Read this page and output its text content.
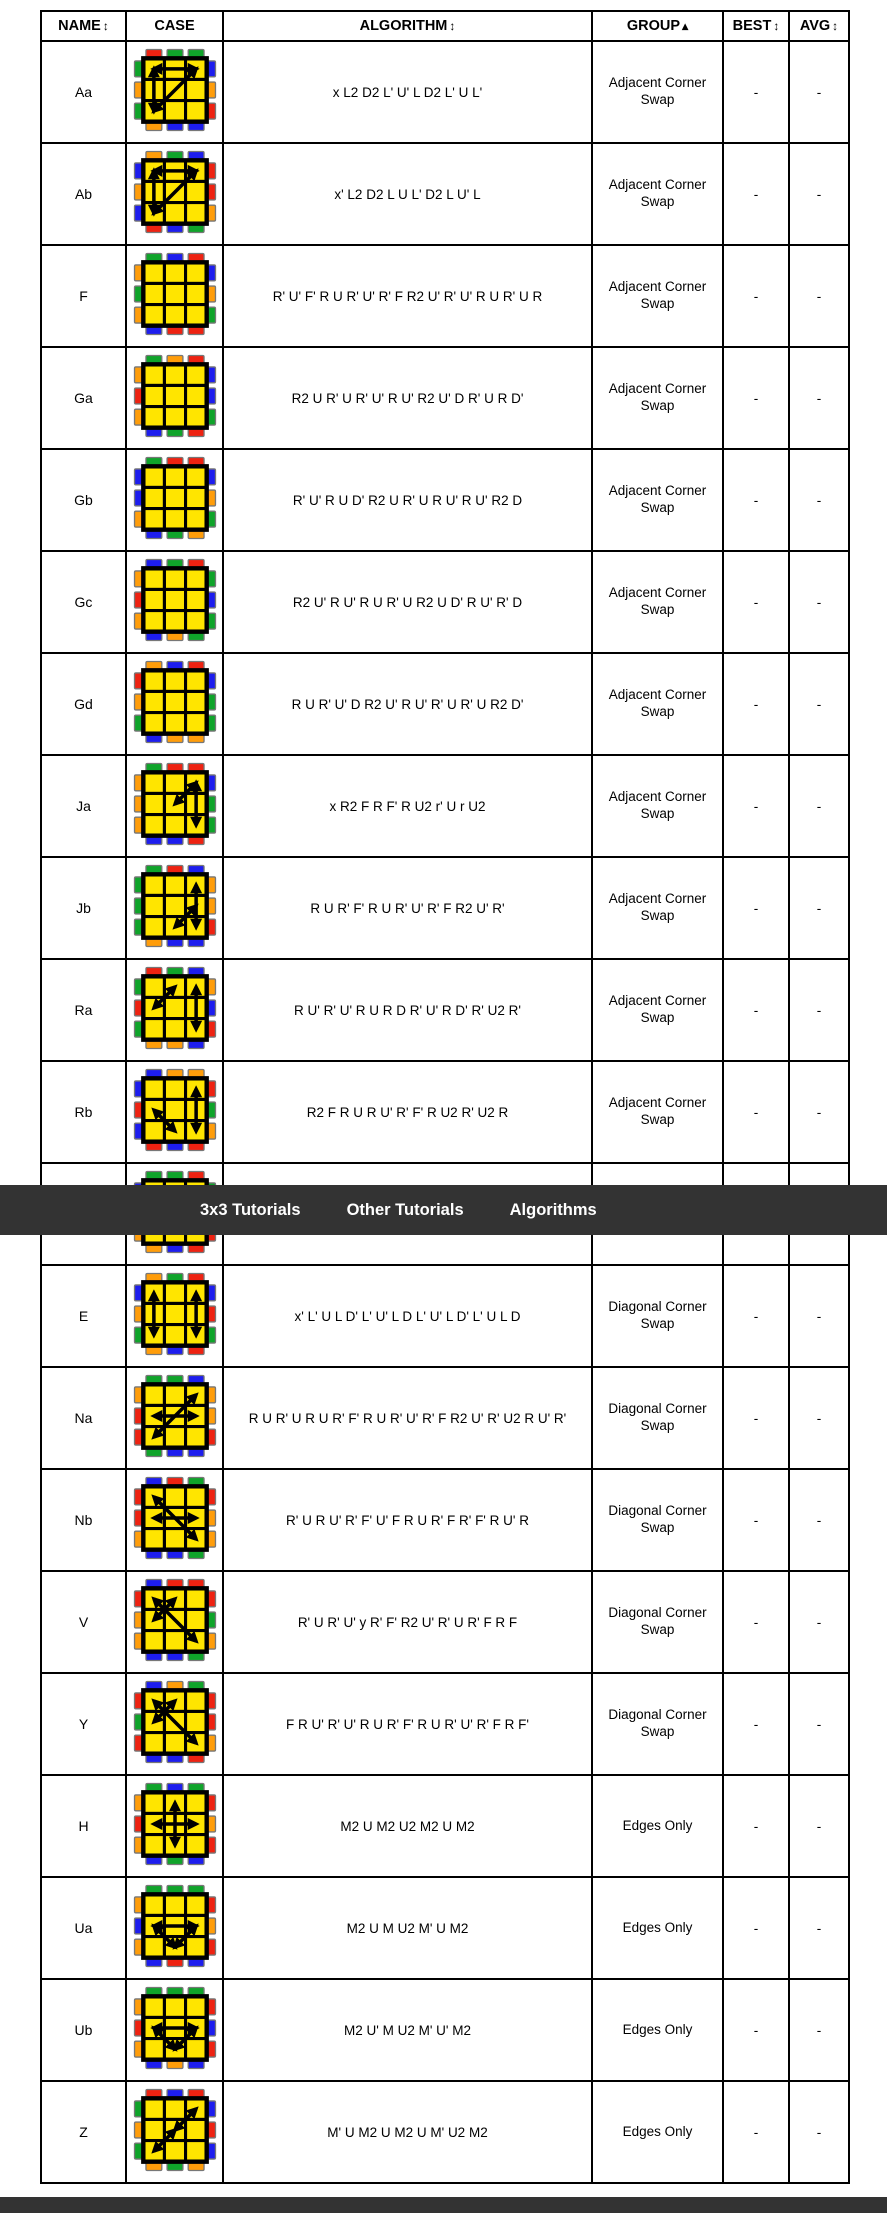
NAME ↕	CASE	ALGORITHM ↕	GROUP ▴	BEST ↕	AVG ↕
Aa		x L2 D2 L' U' L D2 L' U L'	Adjacent Corner Swap	-	-
Ab		x' L2 D2 L U L' D2 L U' L	Adjacent Corner Swap	-	-
F		R' U' F' R U R' U' R' F R2 U' R' U' R U R' U R	Adjacent Corner Swap	-	-
Ga		R2 U R' U R' U' R U' R2 U' D R' U R D'	Adjacent Corner Swap	-	-
Gb		R' U' R U D' R2 U R' U R U' R U' R2 D	Adjacent Corner Swap	-	-
Gc		R2 U' R U' R U R' U R2 U D' R U' R' D	Adjacent Corner Swap	-	-
Gd		R U R' U' D R2 U' R U' R' U R' U R2 D'	Adjacent Corner Swap	-	-
Ja		x R2 F R F' R U2 r' U r U2	Adjacent Corner Swap	-	-
Jb		R U R' F' R U R' U' R' F R2 U' R'	Adjacent Corner Swap	-	-
Ra		R U' R' U' R U R D R' U' R D' R' U2 R'	Adjacent Corner Swap	-	-
Rb		R2 F R U R U' R' F' R U2 R' U2 R	Adjacent Corner Swap	-	-

E		x' L' U L D' L' U' L D L' U' L D' L' U L D	Diagonal Corner Swap	-	-
Na		R U R' U R U R' F' R U R' U' R' F R2 U' R' U2 R U' R'	Diagonal Corner Swap	-	-
Nb		R' U R U' R' F' U' F R U R' F R' F' R U' R	Diagonal Corner Swap	-	-
V		R' U R' U' y R' F' R2 U' R' U R' F R F	Diagonal Corner Swap	-	-
Y		F R U' R' U' R U R' F' R U R' U' R' F R F'	Diagonal Corner Swap	-	-
H		M2 U M2 U2 M2 U M2	Edges Only	-	-
Ua		M2 U M U2 M' U M2	Edges Only	-	-
Ub		M2 U' M U2 M' U' M2	Edges Only	-	-
Z		M' U M2 U M2 U M' U2 M2	Edges Only	-	-
3x3 Tutorials	Other Tutorials	Algorithms
